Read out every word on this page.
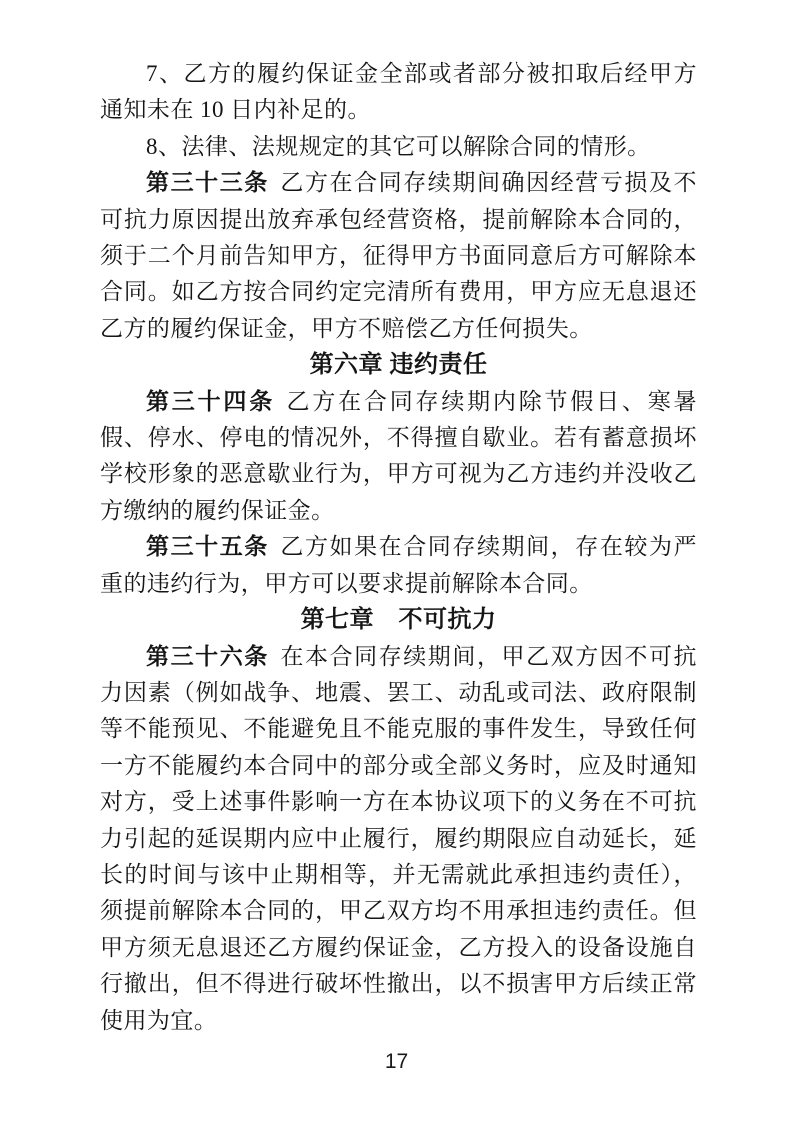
7、乙方的履约保证金全部或者部分被扣取后经甲方通知未在 10 日内补足的。

8、法律、法规规定的其它可以解除合同的情形。

第三十三条 乙方在合同存续期间确因经营亏损及不可抗力原因提出放弃承包经营资格，提前解除本合同的，须于二个月前告知甲方，征得甲方书面同意后方可解除本合同。如乙方按合同约定完清所有费用，甲方应无息退还乙方的履约保证金，甲方不赔偿乙方任何损失。

第六章 违约责任

第三十四条 乙方在合同存续期内除节假日、寒暑假、停水、停电的情况外，不得擅自歇业。若有蓄意损坏学校形象的恶意歇业行为，甲方可视为乙方违约并没收乙方缴纳的履约保证金。

第三十五条 乙方如果在合同存续期间，存在较为严重的违约行为，甲方可以要求提前解除本合同。

第七章　不可抗力

第三十六条 在本合同存续期间，甲乙双方因不可抗力因素（例如战争、地震、罢工、动乱或司法、政府限制等不能预见、不能避免且不能克服的事件发生，导致任何一方不能履约本合同中的部分或全部义务时，应及时通知对方，受上述事件影响一方在本协议项下的义务在不可抗力引起的延误期内应中止履行，履约期限应自动延长，延长的时间与该中止期相等，并无需就此承担违约责任），须提前解除本合同的，甲乙双方均不用承担违约责任。但甲方须无息退还乙方履约保证金，乙方投入的设备设施自行撤出，但不得进行破坏性撤出，以不损害甲方后续正常使用为宜。

17
